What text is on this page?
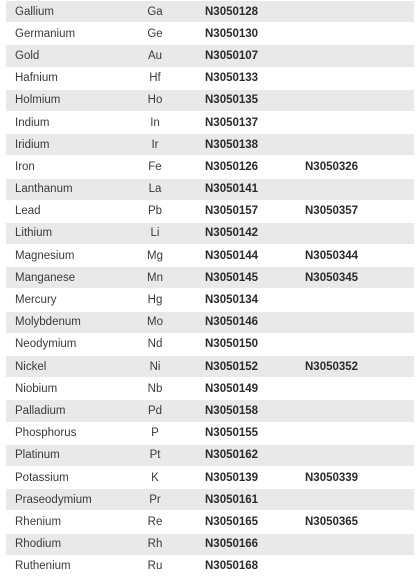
Gallium	Ga	N3050128	
Germanium	Ge	N3050130	
Gold	Au	N3050107	
Hafnium	Hf	N3050133	
Holmium	Ho	N3050135	
Indium	In	N3050137	
Iridium	Ir	N3050138	
Iron	Fe	N3050126	N3050326
Lanthanum	La	N3050141	
Lead	Pb	N3050157	N3050357
Lithium	Li	N3050142	
Magnesium	Mg	N3050144	N3050344
Manganese	Mn	N3050145	N3050345
Mercury	Hg	N3050134	
Molybdenum	Mo	N3050146	
Neodymium	Nd	N3050150	
Nickel	Ni	N3050152	N3050352
Niobium	Nb	N3050149	
Palladium	Pd	N3050158	
Phosphorus	P	N3050155	
Platinum	Pt	N3050162	
Potassium	K	N3050139	N3050339
Praseodymium	Pr	N3050161	
Rhenium	Re	N3050165	N3050365
Rhodium	Rh	N3050166	
Ruthenium	Ru	N3050168	
